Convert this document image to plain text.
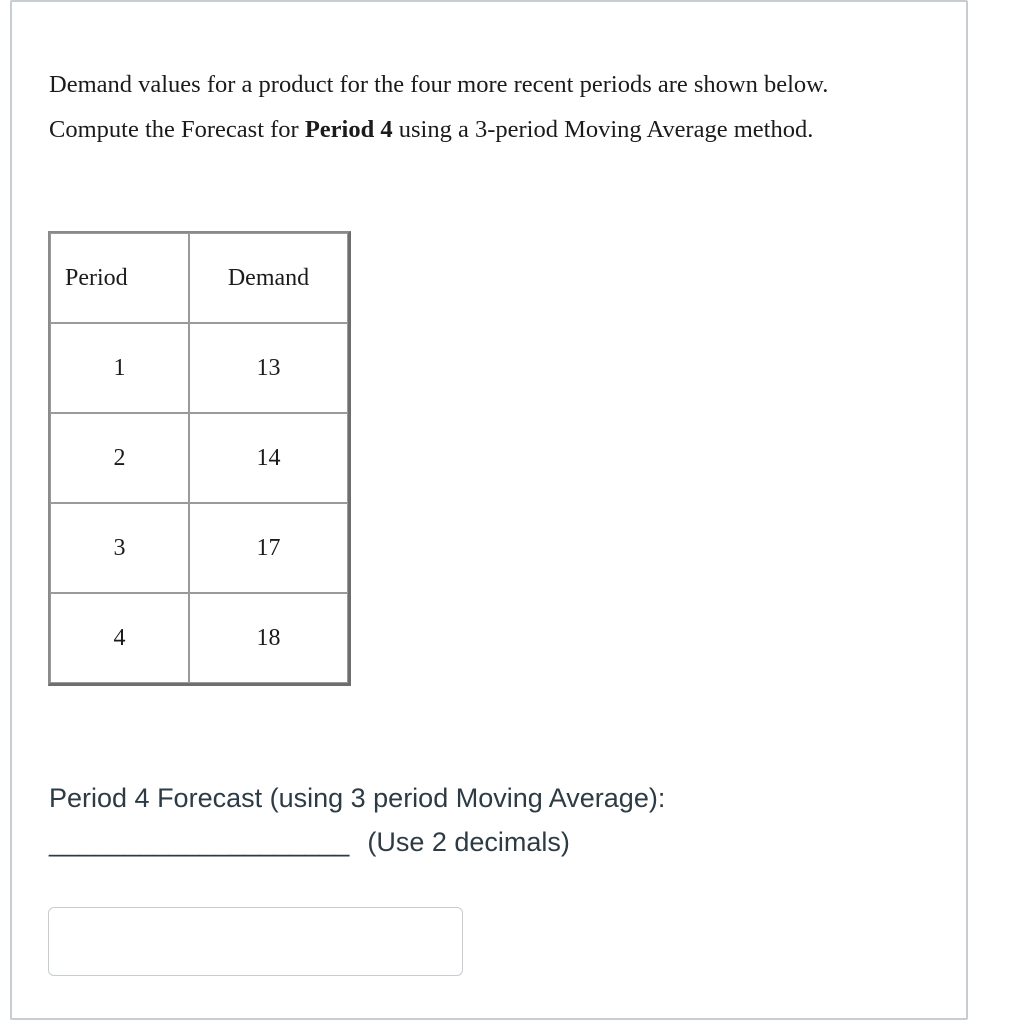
Demand values for a product for the four more recent periods are shown below.

Compute the Forecast for Period 4 using a 3-period Moving Average method.

Period	Demand
1	13
2	14
3	17
4	18

Period 4 Forecast (using 3 period Moving Average):

____________________ (Use 2 decimals)
